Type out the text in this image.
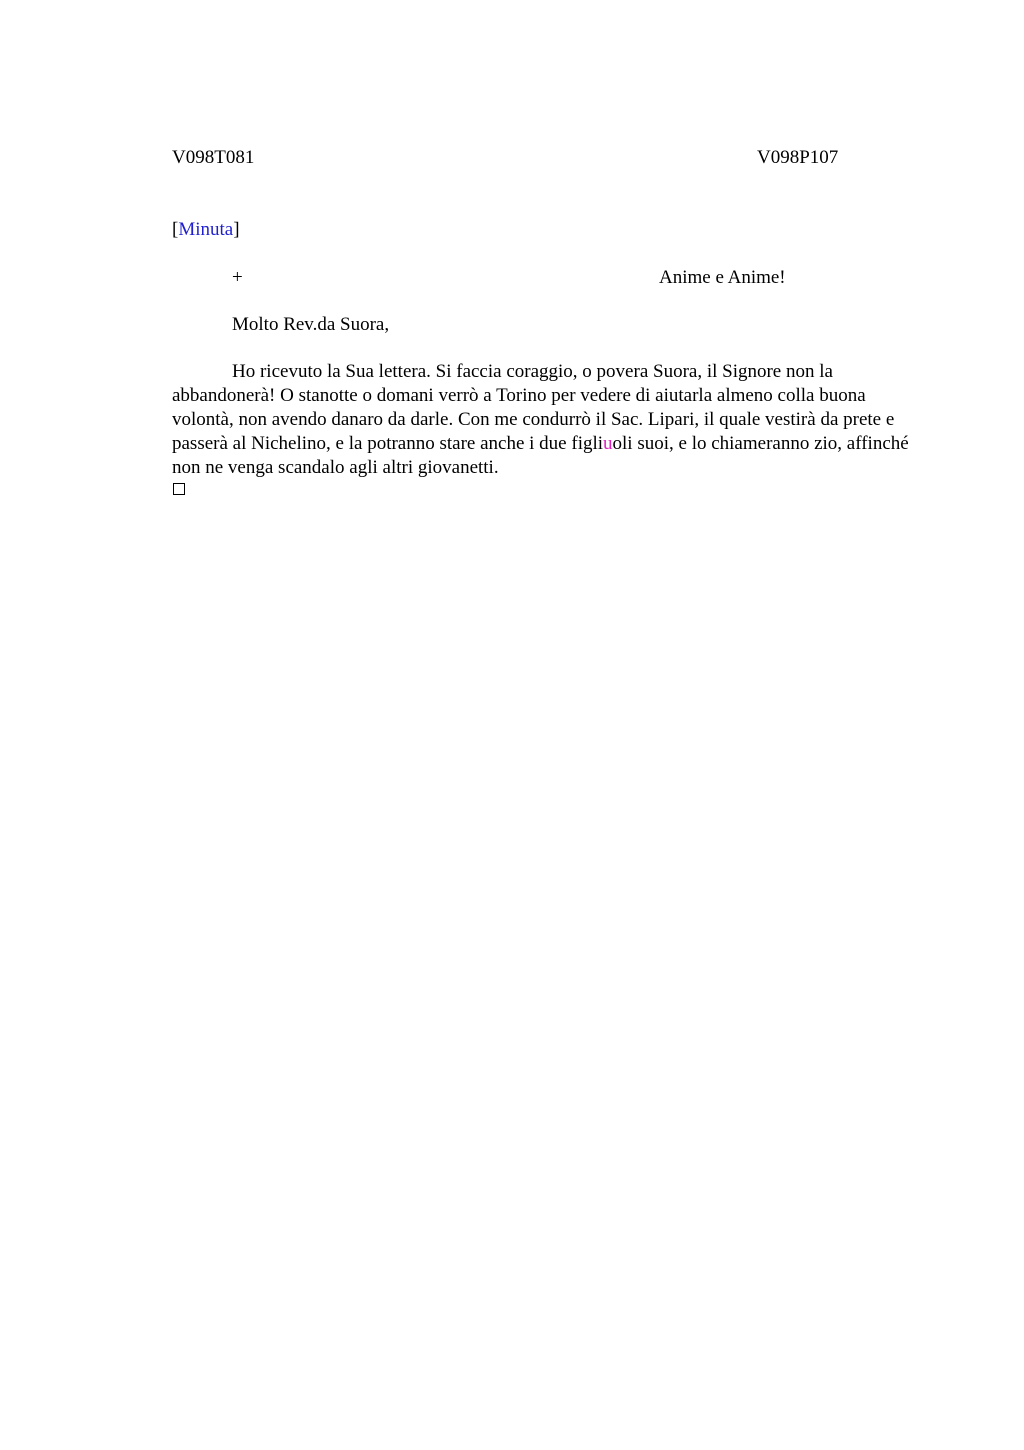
V098T081	V098P107
[Minuta]
+	Anime e Anime!
Molto Rev.da Suora,
Ho ricevuto la Sua lettera. Si faccia coraggio, o povera Suora, il Signore non la abbandonerà! O stanotte o domani verrò a Torino per vedere di aiutarla almeno colla buona volontà, non avendo danaro da darle. Con me condurrò il Sac. Lipari, il quale vestirà da prete e passerà al Nichelino, e la potranno stare anche i due figliuoli suoi, e lo chiameranno zio, affinché non ne venga scandalo agli altri giovanetti.
